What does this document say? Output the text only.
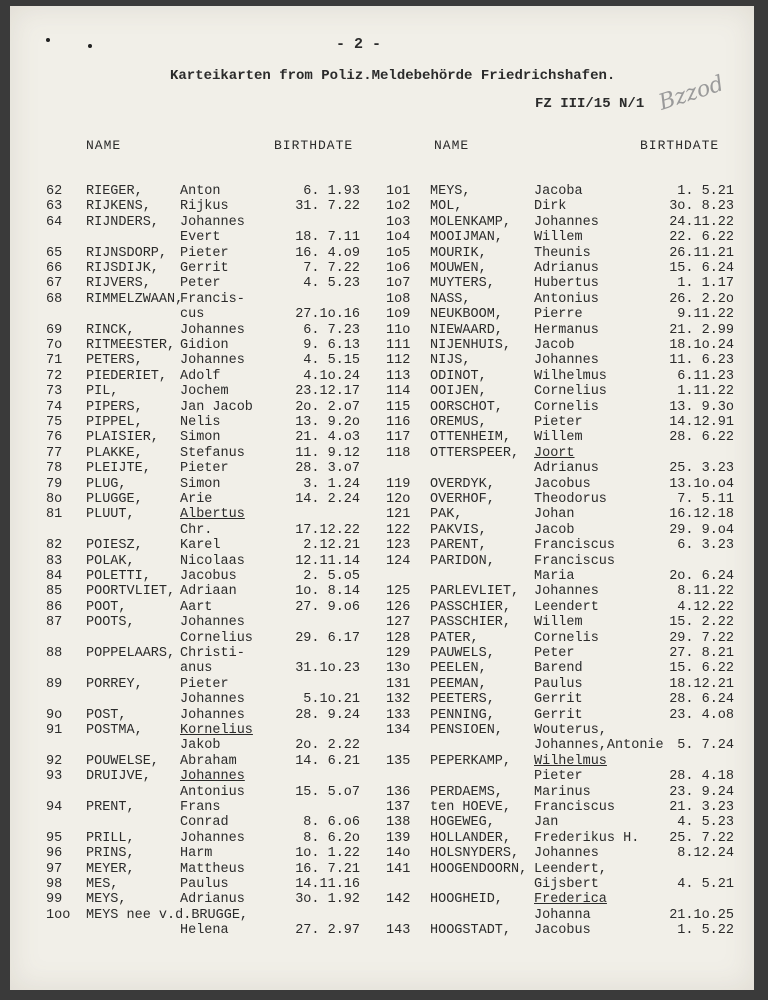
- 2 -
Karteikarten from Poliz.Meldebehörde Friedrichshafen.
FZ III/15 N/1 Bzzod
NAME	BIRTHDATE	NAME	BIRTHDATE
62 RIEGER,	Anton	6. 1.93
63 RIJKENS, Rijkus	31. 7.22
64 RIJNDERS, Johannes
Evert	18. 7.11
65 RIJNSDORP, Pieter	16. 4.o9
66 RIJSDIJK, Gerrit	7. 7.22
67 RIJVERS, Peter	4. 5.23
68 RIMMELZWAAN,
Francis-
cus	27.1o.16
69 RINCK,	Johannes	6. 7.23
7o RITMEESTER, Gidion	9. 6.13
71 PETERS,	Johannes	4. 5.15
72 PIEDERIET, Adolf	4.1o.24
73 PIL,	Jochem	23.12.17
74 PIPERS,	Jan Jacob	2o. 2.o7
75 PIPPEL,	Nelis	13. 9.2o
76 PLAISIER, Simon	21. 4.o3
77 PLAKKE,	Stefanus	11. 9.12
78 PLEIJTE, Pieter	28. 3.o7
79 PLUG,	Simon	3. 1.24
8o PLUGGE,	Arie	14. 2.24
81 PLUUT,	Albertus
Chr.	17.12.22
82 POIESZ,	Karel	2.12.21
83 POLAK,	Nicolaas	12.11.14
84 POLETTI, Jacobus	2. 5.o5
85 POORTVLIET, Adriaan	1o. 8.14
86 POOT,	Aart	27. 9.o6
87 POOTS,	Johannes
Cornelius	29. 6.17
88 POPPELAARS, Christi-
anus	31.1o.23
89 PORREY,	Pieter
Johannes	5.1o.21
9o POST,	Johannes	28. 9.24
91 POSTMA,	Kornelius
Jakob	2o. 2.22
92 POUWELSE, Abraham	14. 6.21
93 DRUIJVE, Johannes
Antonius	15. 5.o7
94 PRENT,	Frans
Conrad	8. 6.o6
95 PRILL,	Johannes	8. 6.2o
96 PRINS,	Harm	1o. 1.22
97 MEYER,	Mattheus	16. 7.21
98 MES,	Paulus	14.11.16
99 MEYS,	Adrianus	3o. 1.92
1oo MEYS nee v.d.BRUGGE,
Helena	27. 2.97
1o1 MEYS,	Jacoba	1. 5.21
1o2 MOL,	Dirk	3o. 8.23
1o3 MOLENKAMP, Johannes	24.11.22
1o4 MOOIJMAN, Willem	22. 6.22
1o5 MOURIK,	Theunis	26.11.21
1o6 MOUWEN,	Adrianus	15. 6.24
1o7 MUYTERS,	Hubertus	1. 1.17
1o8 NASS,	Antonius	26. 2.2o
1o9 NEUKBOOM, Pierre	9.11.22
11o NIEWAARD, Hermanus	21. 2.99
111 NIJENHUIS, Jacob	18.1o.24
112 NIJS,	Johannes	11. 6.23
113 ODINOT,	Wilhelmus	6.11.23
114 OOIJEN,	Cornelius	1.11.22
115 OORSCHOT, Cornelis	13. 9.3o
116 OREMUS,	Pieter	14.12.91
117 OTTENHEIM, Willem	28. 6.22
118 OTTERSPEER, Joort
Adrianus	25. 3.23
119 OVERDYK,	Jacobus	13.1o.o4
12o OVERHOF,	Theodorus	7. 5.11
121 PAK,	Johan	16.12.18
122 PAKVIS,	Jacob	29. 9.o4
123 PARENT,	Franciscus	6. 3.23
124 PARIDON,	Franciscus
Maria	2o. 6.24
125 PARLEVLIET, Johannes	8.11.22
126 PASSCHIER, Leendert	4.12.22
127 PASSCHIER, Willem	15. 2.22
128 PATER,	Cornelis	29. 7.22
129 PAUWELS,	Peter	27. 8.21
13o PEELEN,	Barend	15. 6.22
131 PEEMAN,	Paulus	18.12.21
132 PEETERS,	Gerrit	28. 6.24
133 PENNING,	Gerrit	23. 4.o8
134 PENSIOEN, Wouterus,
Johannes,Antonie 5. 7.24
135 PEPERKAMP, Wilhelmus
Pieter	28. 4.18
136 PERDAEMS, Marinus	23. 9.24
137 ten HOEVE, Franciscus	21. 3.23
138 HOGEWEG,	Jan	4. 5.23
139 HOLLANDER, Frederikus H. 25. 7.22
14o HOLSNYDERS, Johannes	8.12.24
141 HOOGENDOORN, Leendert,
Gijsbert	4. 5.21
142 HOOGHEID, Frederica
Johanna	21.1o.25
143 HOOGSTADT, Jacobus	1. 5.22
